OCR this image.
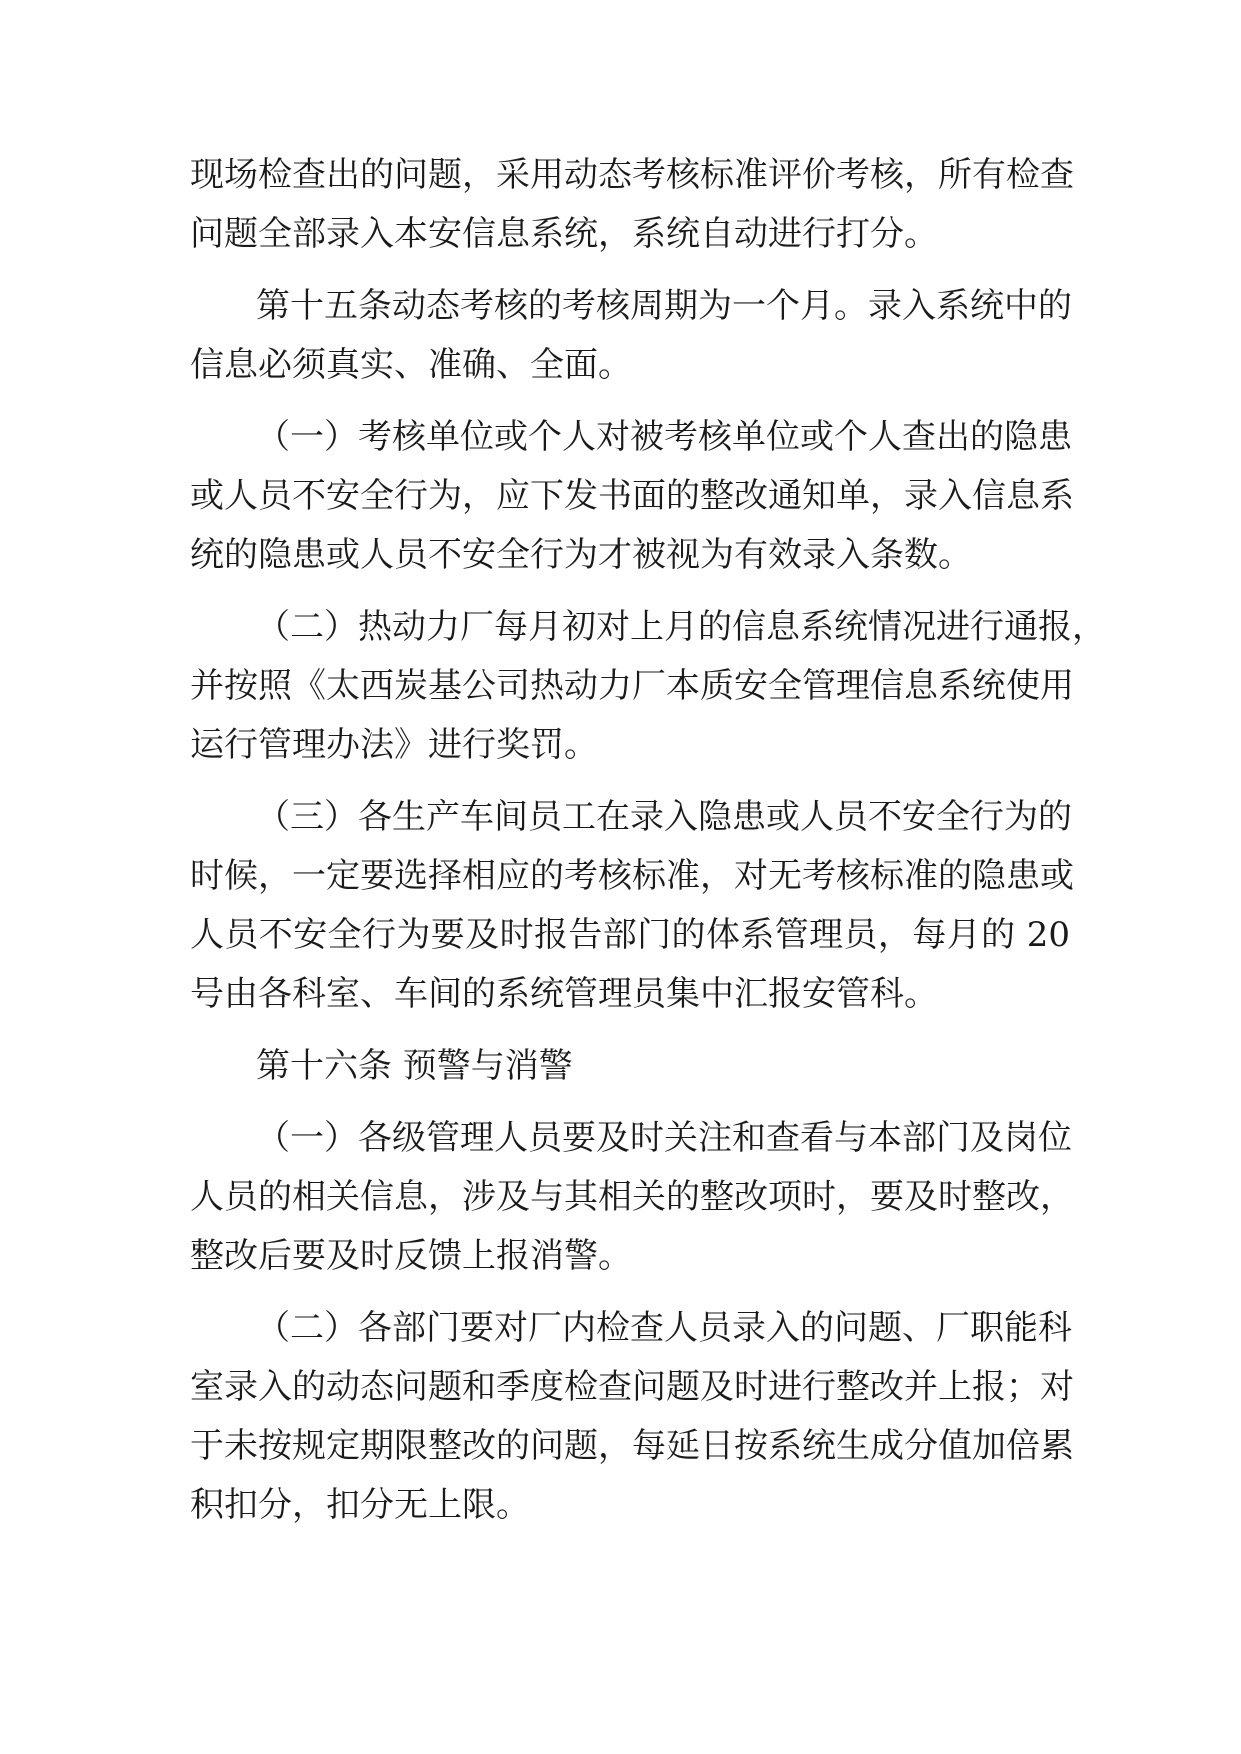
现场检查出的问题，采用动态考核标准评价考核，所有检查
问题全部录入本安信息系统，系统自动进行打分。
第十五条动态考核的考核周期为一个月。录入系统中的
信息必须真实、准确、全面。
（一）考核单位或个人对被考核单位或个人查出的隐患
或人员不安全行为，应下发书面的整改通知单，录入信息系
统的隐患或人员不安全行为才被视为有效录入条数。
（二）热动力厂每月初对上月的信息系统情况进行通报，
并按照《太西炭基公司热动力厂本质安全管理信息系统使用
运行管理办法》进行奖罚。
（三）各生产车间员工在录入隐患或人员不安全行为的
时候，一定要选择相应的考核标准，对无考核标准的隐患或
人员不安全行为要及时报告部门的体系管理员，每月的 20
号由各科室、车间的系统管理员集中汇报安管科。
第十六条 预警与消警
（一）各级管理人员要及时关注和查看与本部门及岗位
人员的相关信息，涉及与其相关的整改项时，要及时整改，
整改后要及时反馈上报消警。
（二）各部门要对厂内检查人员录入的问题、厂职能科
室录入的动态问题和季度检查问题及时进行整改并上报；对
于未按规定期限整改的问题，每延日按系统生成分值加倍累
积扣分，扣分无上限。
